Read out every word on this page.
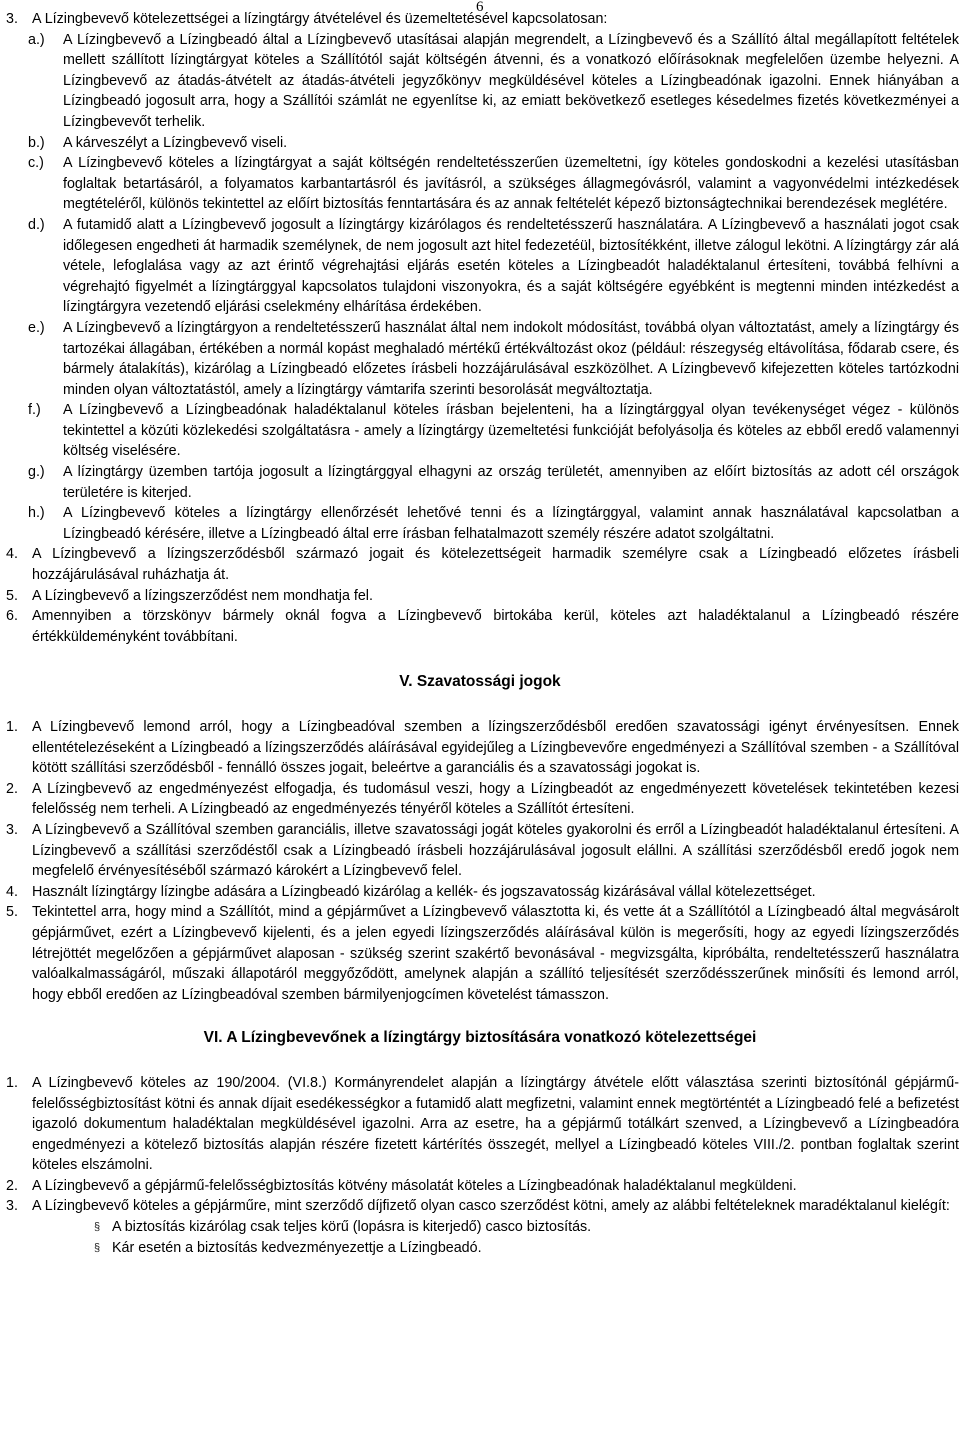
6
3. A Lízingbevevő kötelezettségei a lízingtárgy átvételével és üzemeltetésével kapcsolatosan:
a.) A Lízingbevevő a Lízingbeadó által a Lízingbevevő utasításai alapján megrendelt, a Lízingbevevő és a Szállító által megállapított feltételek mellett szállított lízingtárgyat köteles a Szállítótól saját költségén átvenni, és a vonatkozó előírásoknak megfelelően üzembe helyezni. A Lízingbevevő az átadás-átvételt az átadás-átvételi jegyzőkönyv megküldésével köteles a Lízingbeadónak igazolni. Ennek hiányában a Lízingbeadó jogosult arra, hogy a Szállítói számlát ne egyenlítse ki, az emiatt bekövetkező esetleges késedelmes fizetés következményei a Lízingbevevőt terhelik.
b.) A kárveszélyt a Lízingbevevő viseli.
c.) A Lízingbevevő köteles a lízingtárgyat a saját költségén rendeltetésszerűen üzemeltetni, így köteles gondoskodni a kezelési utasításban foglaltak betartásáról, a folyamatos karbantartásról és javításról, a szükséges állagmegóvásról, valamint a vagyonvédelmi intézkedések megtételéről, különös tekintettel az előírt biztosítás fenntartására és az annak feltételét képező biztonságtechnikai berendezések meglétére.
d.) A futamidő alatt a Lízingbevevő jogosult a lízingtárgy kizárólagos és rendeltetésszerű használatára. A Lízingbevevő a használati jogot csak időlegesen engedheti át harmadik személynek, de nem jogosult azt hitel fedezetéül, biztosítékként, illetve zálogul lekötni. A lízingtárgy zár alá vétele, lefoglalása vagy az azt érintő végrehajtási eljárás esetén köteles a Lízingbeadót haladéktalanul értesíteni, továbbá felhívni a végrehajtó figyelmét a lízingtárggyal kapcsolatos tulajdoni viszonyokra, és a saját költségére egyébként is megtenni minden intézkedést a lízingtárgyra vezetendő eljárási cselekmény elhárítása érdekében.
e.) A Lízingbevevő a lízingtárgyon a rendeltetésszerű használat által nem indokolt módosítást, továbbá olyan változtatást, amely a lízingtárgy és tartozékai állagában, értékében a normál kopást meghaladó mértékű értékváltozást okoz (például: részegység eltávolítása, fődarab csere, és bármely átalakítás), kizárólag a Lízingbeadó előzetes írásbeli hozzájárulásával eszközölhet. A Lízingbevevő kifejezetten köteles tartózkodni minden olyan változtatástól, amely a lízingtárgy vámtarifa szerinti besorolását megváltoztatja.
f.) A Lízingbevevő a Lízingbeadónak haladéktalanul köteles írásban bejelenteni, ha a lízingtárggyal olyan tevékenységet végez - különös tekintettel a közúti közlekedési szolgáltatásra - amely a lízingtárgy üzemeltetési funkcióját befolyásolja és köteles az ebből eredő valamennyi költség viselésére.
g.) A lízingtárgy üzemben tartója jogosult a lízingtárggyal elhagyni az ország területét, amennyiben az előírt biztosítás az adott cél országok területére is kiterjed.
h.) A Lízingbevevő köteles a lízingtárgy ellenőrzését lehetővé tenni és a lízingtárggyal, valamint annak használatával kapcsolatban a Lízingbeadó kérésére, illetve a Lízingbeadó által erre írásban felhatalmazott személy részére adatot szolgáltatni.
4. A Lízingbevevő a lízingszerződésből származó jogait és kötelezettségeit harmadik személyre csak a Lízingbeadó előzetes írásbeli hozzájárulásával ruházhatja át.
5. A Lízingbevevő a lízingszerződést nem mondhatja fel.
6. Amennyiben a törzskönyv bármely oknál fogva a Lízingbevevő birtokába kerül, köteles azt haladéktalanul a Lízingbeadó részére értékküldeményként továbbítani.
V. Szavatossági jogok
1. A Lízingbevevő lemond arról, hogy a Lízingbeadóval szemben a lízingszerződésből eredően szavatossági igényt érvényesítsen. Ennek ellentételezéseként a Lízingbeadó a lízingszerződés aláírásával egyidejűleg a Lízingbevevőre engedményezi a Szállítóval szemben - a Szállítóval kötött szállítási szerződésből - fennálló összes jogait, beleértve a garanciális és a szavatossági jogokat is.
2. A Lízingbevevő az engedményezést elfogadja, és tudomásul veszi, hogy a Lízingbeadót az engedményezett követelések tekintetében kezesi felelősség nem terheli. A Lízingbeadó az engedményezés tényéről köteles a Szállítót értesíteni.
3. A Lízingbevevő a Szállítóval szemben garanciális, illetve szavatossági jogát köteles gyakorolni és erről a Lízingbeadót haladéktalanul értesíteni. A Lízingbevevő a szállítási szerződéstől csak a Lízingbeadó írásbeli hozzájárulásával jogosult elállni. A szállítási szerződésből eredő jogok nem megfelelő érvényesítéséből származó károkért a Lízingbevevő felel.
4. Használt lízingtárgy lízingbe adására a Lízingbeadó kizárólag a kellék- és jogszavatosság kizárásával vállal kötelezettséget.
5. Tekintettel arra, hogy mind a Szállítót, mind a gépjárművet a Lízingbevevő választotta ki, és vette át a Szállítótól a Lízingbeadó által megvásárolt gépjárművet, ezért a Lízingbevevő kijelenti, és a jelen egyedi lízingszerződés aláírásával külön is megerősíti, hogy az egyedi lízingszerződés létrejöttét megelőzően a gépjárművet alaposan - szükség szerint szakértő bevonásával - megvizsgálta, kipróbálta, rendeltetésszerű használatra valóalkalmasságáról, műszaki állapotáról meggyőződött, amelynek alapján a szállító teljesítését szerződésszerűnek minősíti és lemond arról, hogy ebből eredően az Lízingbeadóval szemben bármilyenjogcímen követelést támasszon.
VI. A Lízingbevevőnek a lízingtárgy biztosítására vonatkozó kötelezettségei
1. A Lízingbevevő köteles az 190/2004. (VI.8.) Kormányrendelet alapján a lízingtárgy átvétele előtt választása szerinti biztosítónál gépjármű-felelősségbiztosítást kötni és annak díjait esedékességkor a futamidő alatt megfizetni, valamint ennek megtörténtét a Lízingbeadó felé a befizetést igazoló dokumentum haladéktalan megküldésével igazolni. Arra az esetre, ha a gépjármű totálkárt szenved, a Lízingbevevő a Lízingbeadóra engedményezi a kötelező biztosítás alapján részére fizetett kártérítés összegét, mellyel a Lízingbeadó köteles VIII./2. pontban foglaltak szerint köteles elszámolni.
2. A Lízingbevevő a gépjármű-felelősségbiztosítás kötvény másolatát köteles a Lízingbeadónak haladéktalanul megküldeni.
3. A Lízingbevevő köteles a gépjárműre, mint szerződő díjfizető olyan casco szerződést kötni, amely az alábbi feltételeknek maradéktalanul kielégít:
§ A biztosítás kizárólag csak teljes körű (lopásra is kiterjedő) casco biztosítás.
§ Kár esetén a biztosítás kedvezményezettje a Lízingbeadó.
